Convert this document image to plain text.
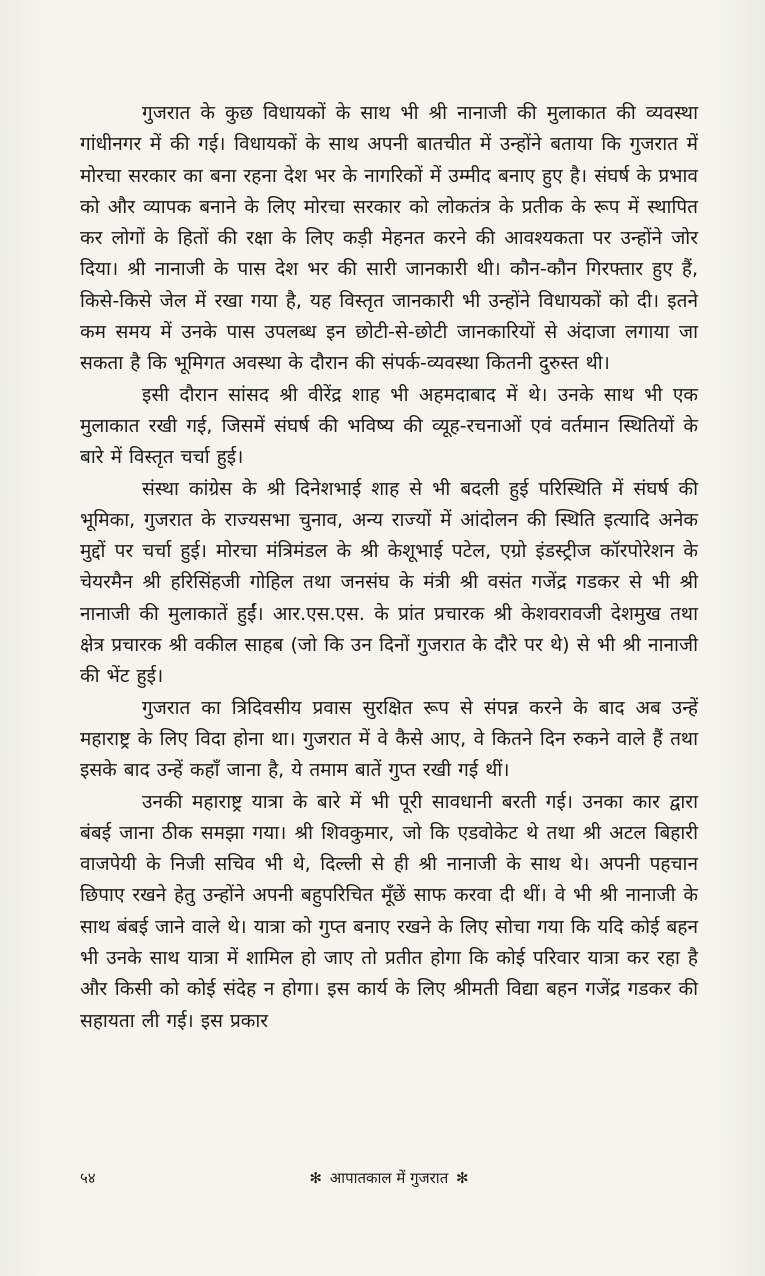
गुजरात के कुछ विधायकों के साथ भी श्री नानाजी की मुलाकात की व्यवस्था गांधीनगर में की गई। विधायकों के साथ अपनी बातचीत में उन्होंने बताया कि गुजरात में मोरचा सरकार का बना रहना देश भर के नागरिकों में उम्मीद बनाए हुए है। संघर्ष के प्रभाव को और व्यापक बनाने के लिए मोरचा सरकार को लोकतंत्र के प्रतीक के रूप में स्थापित कर लोगों के हितों की रक्षा के लिए कड़ी मेहनत करने की आवश्यकता पर उन्होंने जोर दिया। श्री नानाजी के पास देश भर की सारी जानकारी थी। कौन-कौन गिरफ्तार हुए हैं, किसे-किसे जेल में रखा गया है, यह विस्तृत जानकारी भी उन्होंने विधायकों को दी। इतने कम समय में उनके पास उपलब्ध इन छोटी-से-छोटी जानकारियों से अंदाजा लगाया जा सकता है कि भूमिगत अवस्था के दौरान की संपर्क-व्यवस्था कितनी दुरुस्त थी।

इसी दौरान सांसद श्री वीरेंद्र शाह भी अहमदाबाद में थे। उनके साथ भी एक मुलाकात रखी गई, जिसमें संघर्ष की भविष्य की व्यूह-रचनाओं एवं वर्तमान स्थितियों के बारे में विस्तृत चर्चा हुई।

संस्था कांग्रेस के श्री दिनेशभाई शाह से भी बदली हुई परिस्थिति में संघर्ष की भूमिका, गुजरात के राज्यसभा चुनाव, अन्य राज्यों में आंदोलन की स्थिति इत्यादि अनेक मुद्दों पर चर्चा हुई। मोरचा मंत्रिमंडल के श्री केशूभाई पटेल, एग्रो इंडस्ट्रीज कॉरपोरेशन के चेयरमैन श्री हरिसिंहजी गोहिल तथा जनसंघ के मंत्री श्री वसंत गजेंद्र गडकर से भी श्री नानाजी की मुलाकातें हुईं। आर.एस.एस. के प्रांत प्रचारक श्री केशवरावजी देशमुख तथा क्षेत्र प्रचारक श्री वकील साहब (जो कि उन दिनों गुजरात के दौरे पर थे) से भी श्री नानाजी की भेंट हुई।

गुजरात का त्रिदिवसीय प्रवास सुरक्षित रूप से संपन्न करने के बाद अब उन्हें महाराष्ट्र के लिए विदा होना था। गुजरात में वे कैसे आए, वे कितने दिन रुकने वाले हैं तथा इसके बाद उन्हें कहाँ जाना है, ये तमाम बातें गुप्त रखी गई थीं।

उनकी महाराष्ट्र यात्रा के बारे में भी पूरी सावधानी बरती गई। उनका कार द्वारा बंबई जाना ठीक समझा गया। श्री शिवकुमार, जो कि एडवोकेट थे तथा श्री अटल बिहारी वाजपेयी के निजी सचिव भी थे, दिल्ली से ही श्री नानाजी के साथ थे। अपनी पहचान छिपाए रखने हेतु उन्होंने अपनी बहुपरिचित मूँछें साफ करवा दी थीं। वे भी श्री नानाजी के साथ बंबई जाने वाले थे। यात्रा को गुप्त बनाए रखने के लिए सोचा गया कि यदि कोई बहन भी उनके साथ यात्रा में शामिल हो जाए तो प्रतीत होगा कि कोई परिवार यात्रा कर रहा है और किसी को कोई संदेह न होगा। इस कार्य के लिए श्रीमती विद्या बहन गजेंद्र गडकर की सहायता ली गई। इस प्रकार

५४	✻ आपातकाल में गुजरात ✻
